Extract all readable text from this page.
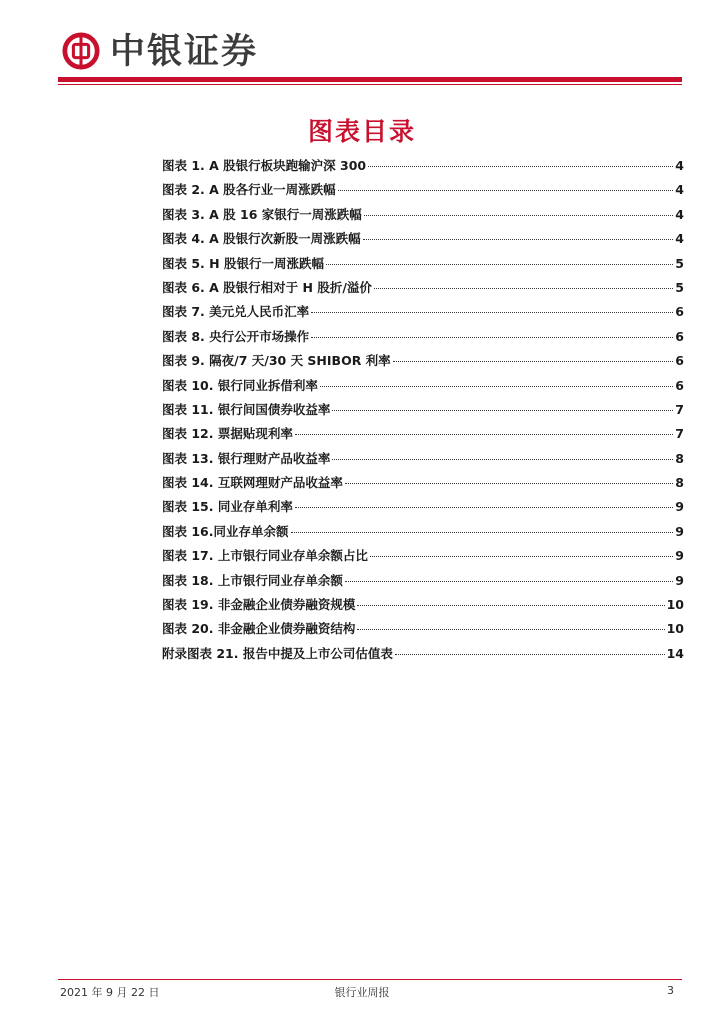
中银证券
图表目录
图表 1. A 股银行板块跑输沪深 300	4
图表 2. A 股各行业一周涨跌幅	4
图表 3. A 股 16 家银行一周涨跌幅	4
图表 4. A 股银行次新股一周涨跌幅	4
图表 5. H 股银行一周涨跌幅	5
图表 6. A 股银行相对于 H 股折/溢价	5
图表 7. 美元兑人民币汇率	6
图表 8. 央行公开市场操作	6
图表 9. 隔夜/7 天/30 天 SHIBOR 利率	6
图表 10. 银行同业拆借利率	6
图表 11. 银行间国债券收益率	7
图表 12. 票据贴现利率	7
图表 13. 银行理财产品收益率	8
图表 14. 互联网理财产品收益率	8
图表 15. 同业存单利率	9
图表 16.同业存单余额	9
图表 17. 上市银行同业存单余额占比	9
图表 18. 上市银行同业存单余额	9
图表 19. 非金融企业债券融资规模	10
图表 20. 非金融企业债券融资结构	10
附录图表 21. 报告中提及上市公司估值表	14
2021 年 9 月 22 日	银行业周报	3
